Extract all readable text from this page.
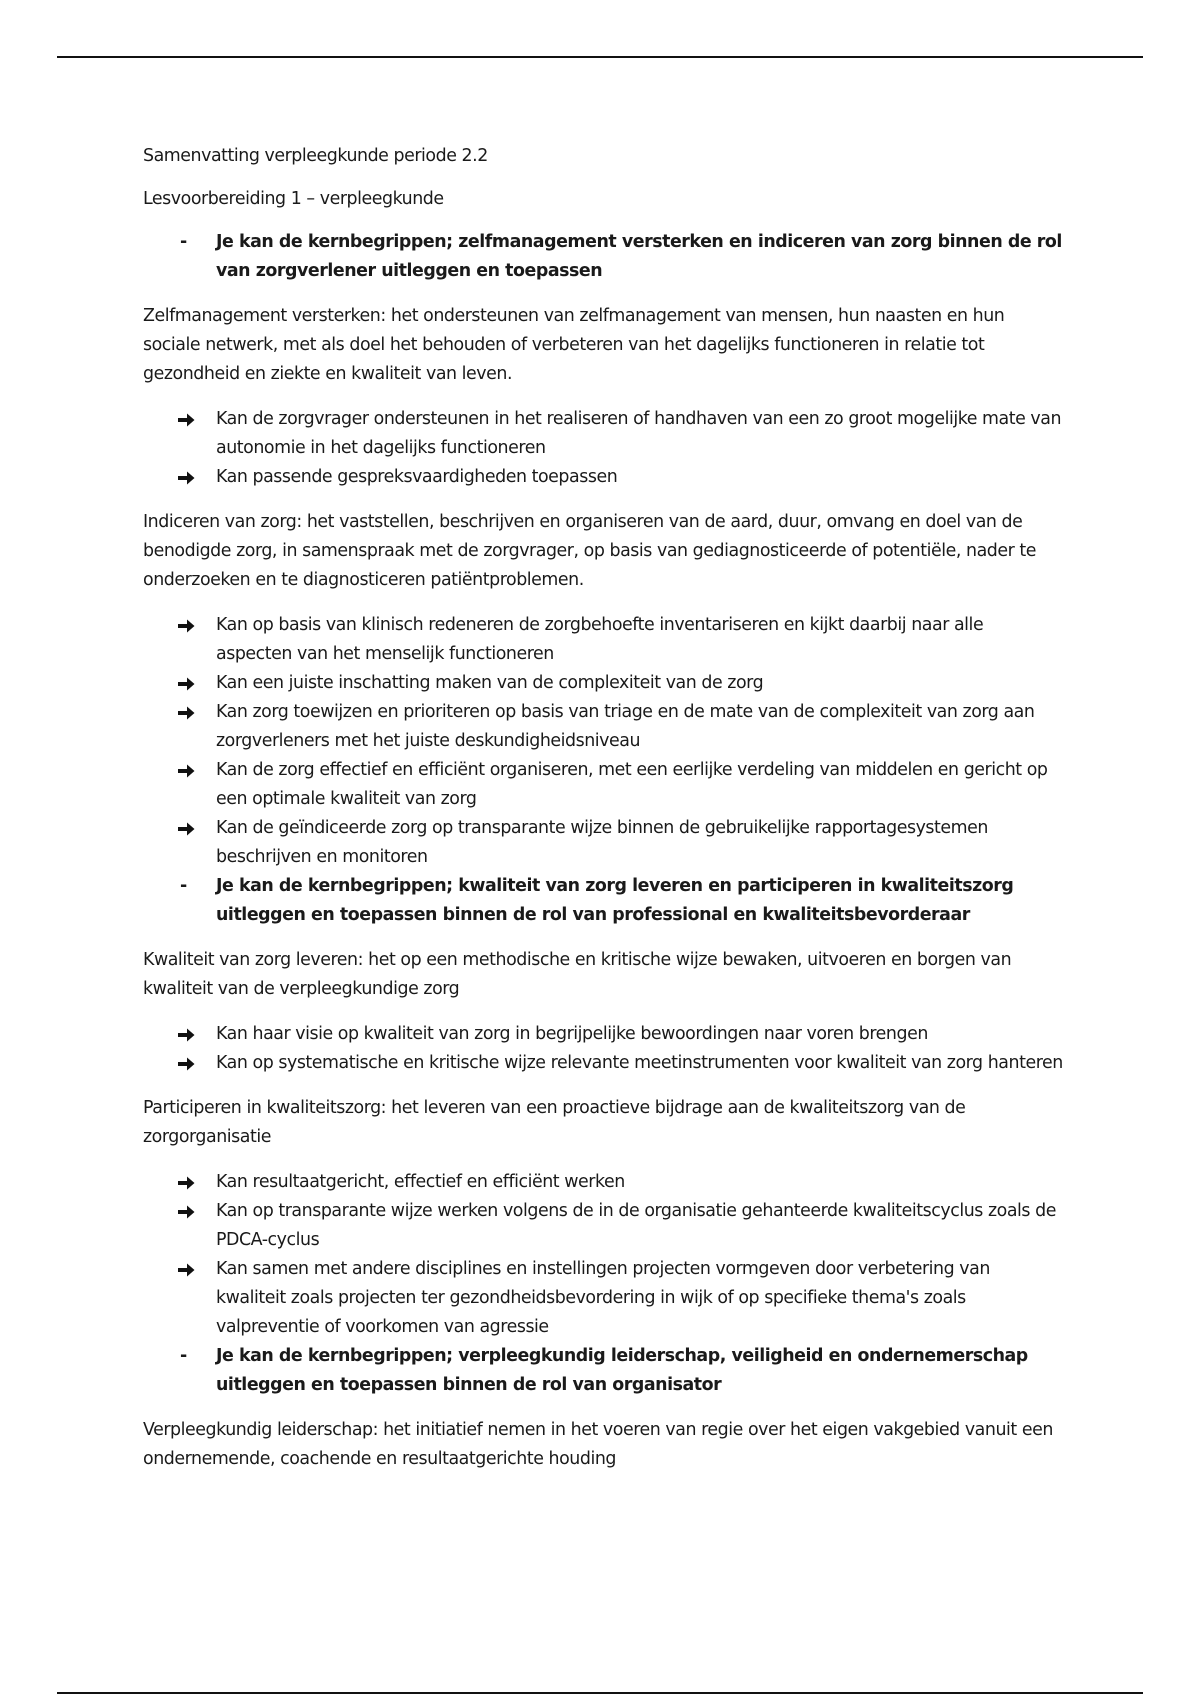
Samenvatting verpleegkunde periode 2.2

Lesvoorbereiding 1 – verpleegkunde

-	Je kan de kernbegrippen; zelfmanagement versterken en indiceren van zorg binnen de rol van zorgverlener uitleggen en toepassen

Zelfmanagement versterken: het ondersteunen van zelfmanagement van mensen, hun naasten en hun sociale netwerk, met als doel het behouden of verbeteren van het dagelijks functioneren in relatie tot gezondheid en ziekte en kwaliteit van leven.

Kan de zorgvrager ondersteunen in het realiseren of handhaven van een zo groot mogelijke mate van autonomie in het dagelijks functioneren
Kan passende gespreksvaardigheden toepassen

Indiceren van zorg: het vaststellen, beschrijven en organiseren van de aard, duur, omvang en doel van de benodigde zorg, in samenspraak met de zorgvrager, op basis van gediagnosticeerde of potentiële, nader te onderzoeken en te diagnosticeren patiëntproblemen.

Kan op basis van klinisch redeneren de zorgbehoefte inventariseren en kijkt daarbij naar alle aspecten van het menselijk functioneren
Kan een juiste inschatting maken van de complexiteit van de zorg
Kan zorg toewijzen en prioriteren op basis van triage en de mate van de complexiteit van zorg aan zorgverleners met het juiste deskundigheidsniveau
Kan de zorg effectief en efficiënt organiseren, met een eerlijke verdeling van middelen en gericht op een optimale kwaliteit van zorg
Kan de geïndiceerde zorg op transparante wijze binnen de gebruikelijke rapportagesystemen beschrijven en monitoren
-	Je kan de kernbegrippen; kwaliteit van zorg leveren en participeren in kwaliteitszorg uitleggen en toepassen binnen de rol van professional en kwaliteitsbevorderaar

Kwaliteit van zorg leveren: het op een methodische en kritische wijze bewaken, uitvoeren en borgen van kwaliteit van de verpleegkundige zorg

Kan haar visie op kwaliteit van zorg in begrijpelijke bewoordingen naar voren brengen
Kan op systematische en kritische wijze relevante meetinstrumenten voor kwaliteit van zorg hanteren

Participeren in kwaliteitszorg: het leveren van een proactieve bijdrage aan de kwaliteitszorg van de zorgorganisatie

Kan resultaatgericht, effectief en efficiënt werken
Kan op transparante wijze werken volgens de in de organisatie gehanteerde kwaliteitscyclus zoals de PDCA-cyclus
Kan samen met andere disciplines en instellingen projecten vormgeven door verbetering van kwaliteit zoals projecten ter gezondheidsbevordering in wijk of op specifieke thema's zoals valpreventie of voorkomen van agressie
-	Je kan de kernbegrippen; verpleegkundig leiderschap, veiligheid en ondernemerschap uitleggen en toepassen binnen de rol van organisator

Verpleegkundig leiderschap: het initiatief nemen in het voeren van regie over het eigen vakgebied vanuit een ondernemende, coachende en resultaatgerichte houding
